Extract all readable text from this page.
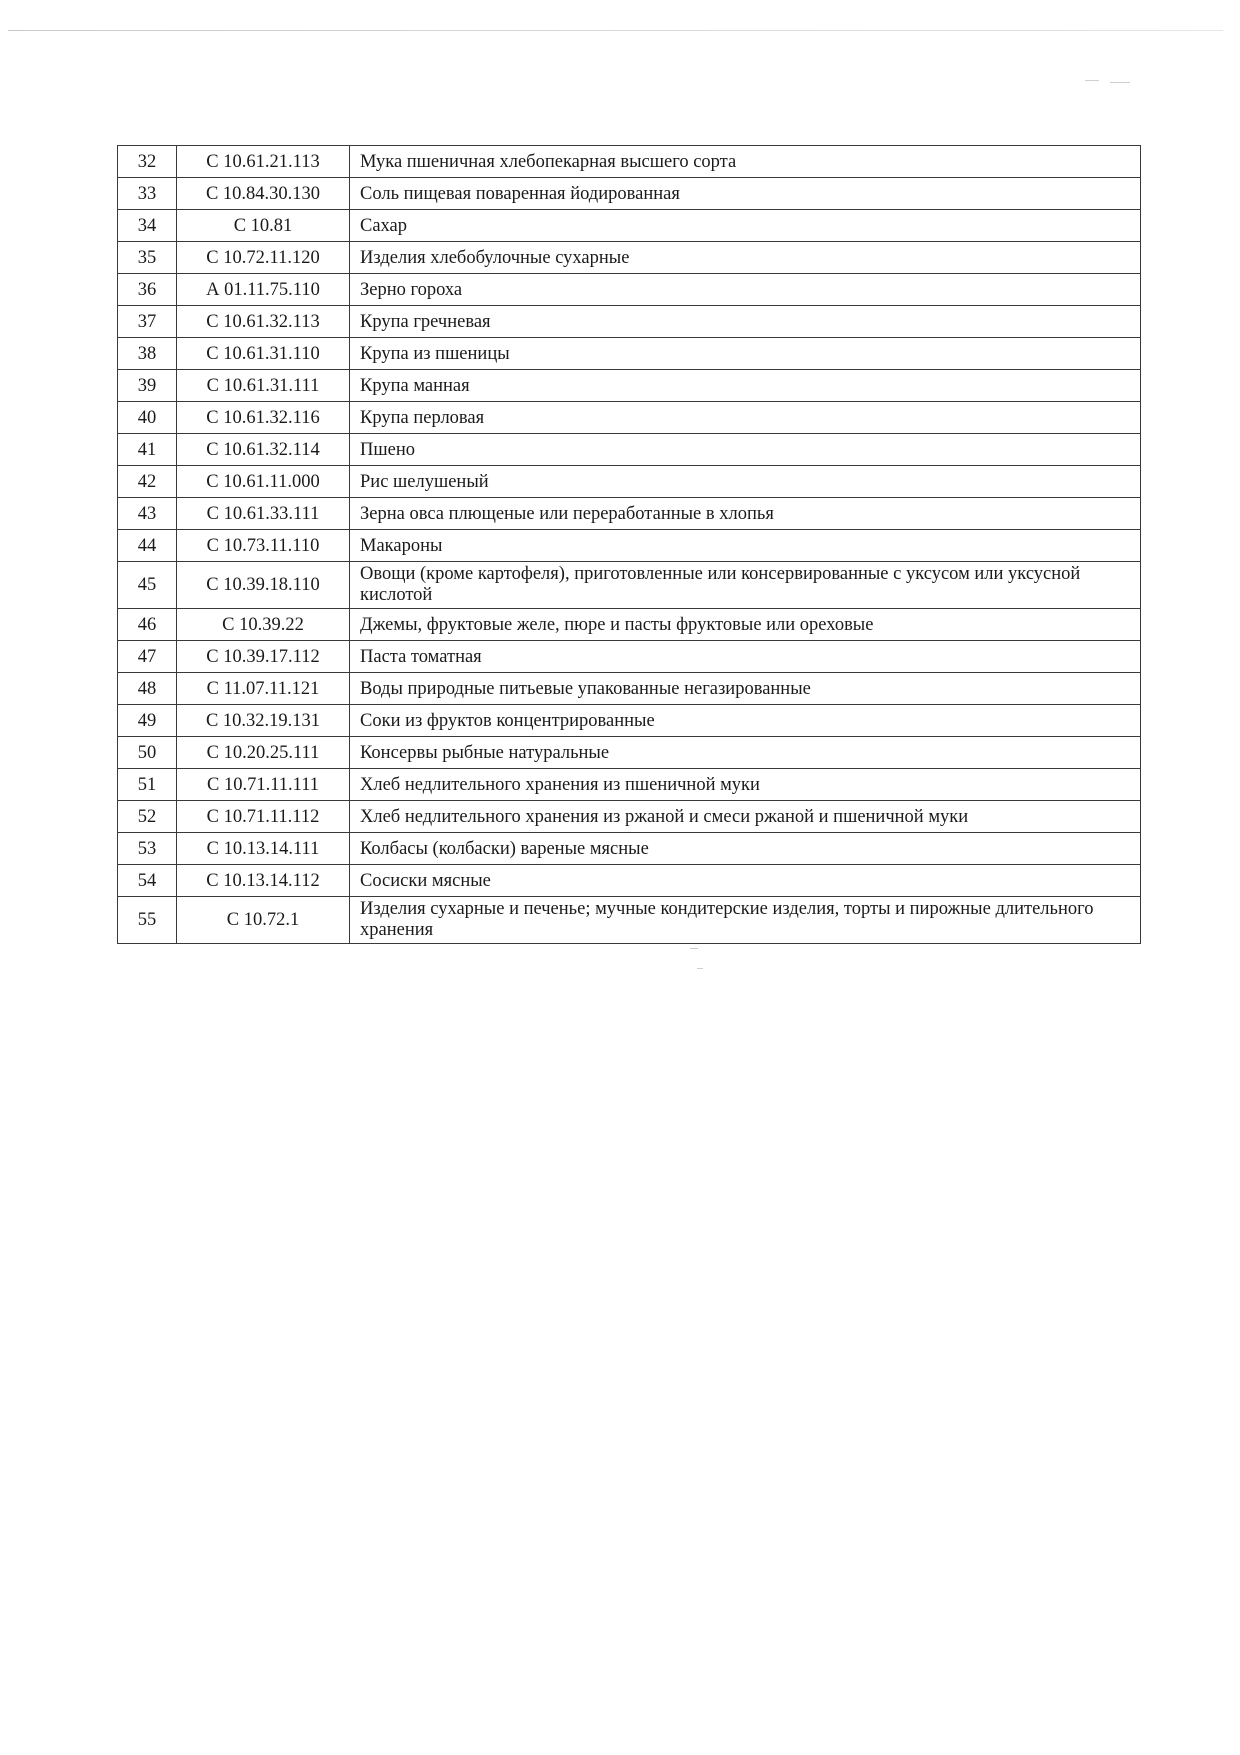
32	С 10.61.21.113	Мука пшеничная хлебопекарная высшего сорта
33	С 10.84.30.130	Соль пищевая поваренная йодированная
34	С 10.81	Сахар
35	С 10.72.11.120	Изделия хлебобулочные сухарные
36	А 01.11.75.110	Зерно гороха
37	С 10.61.32.113	Крупа гречневая
38	С 10.61.31.110	Крупа из пшеницы
39	С 10.61.31.111	Крупа манная
40	С 10.61.32.116	Крупа перловая
41	С 10.61.32.114	Пшено
42	С 10.61.11.000	Рис шелушеный
43	С 10.61.33.111	Зерна овса плющеные или переработанные в хлопья
44	С 10.73.11.110	Макароны
45	С 10.39.18.110	Овощи (кроме картофеля), приготовленные или консервированные с уксусом или уксусной кислотой
46	С 10.39.22	Джемы, фруктовые желе, пюре и пасты фруктовые или ореховые
47	С 10.39.17.112	Паста томатная
48	С 11.07.11.121	Воды природные питьевые упакованные негазированные
49	С 10.32.19.131	Соки из фруктов концентрированные
50	С 10.20.25.111	Консервы рыбные натуральные
51	С 10.71.11.111	Хлеб недлительного хранения из пшеничной муки
52	С 10.71.11.112	Хлеб недлительного хранения из ржаной и смеси ржаной и пшеничной муки
53	С 10.13.14.111	Колбасы (колбаски) вареные мясные
54	С 10.13.14.112	Сосиски мясные
55	С 10.72.1	Изделия сухарные и печенье; мучные кондитерские изделия, торты и пирожные длительного хранения
